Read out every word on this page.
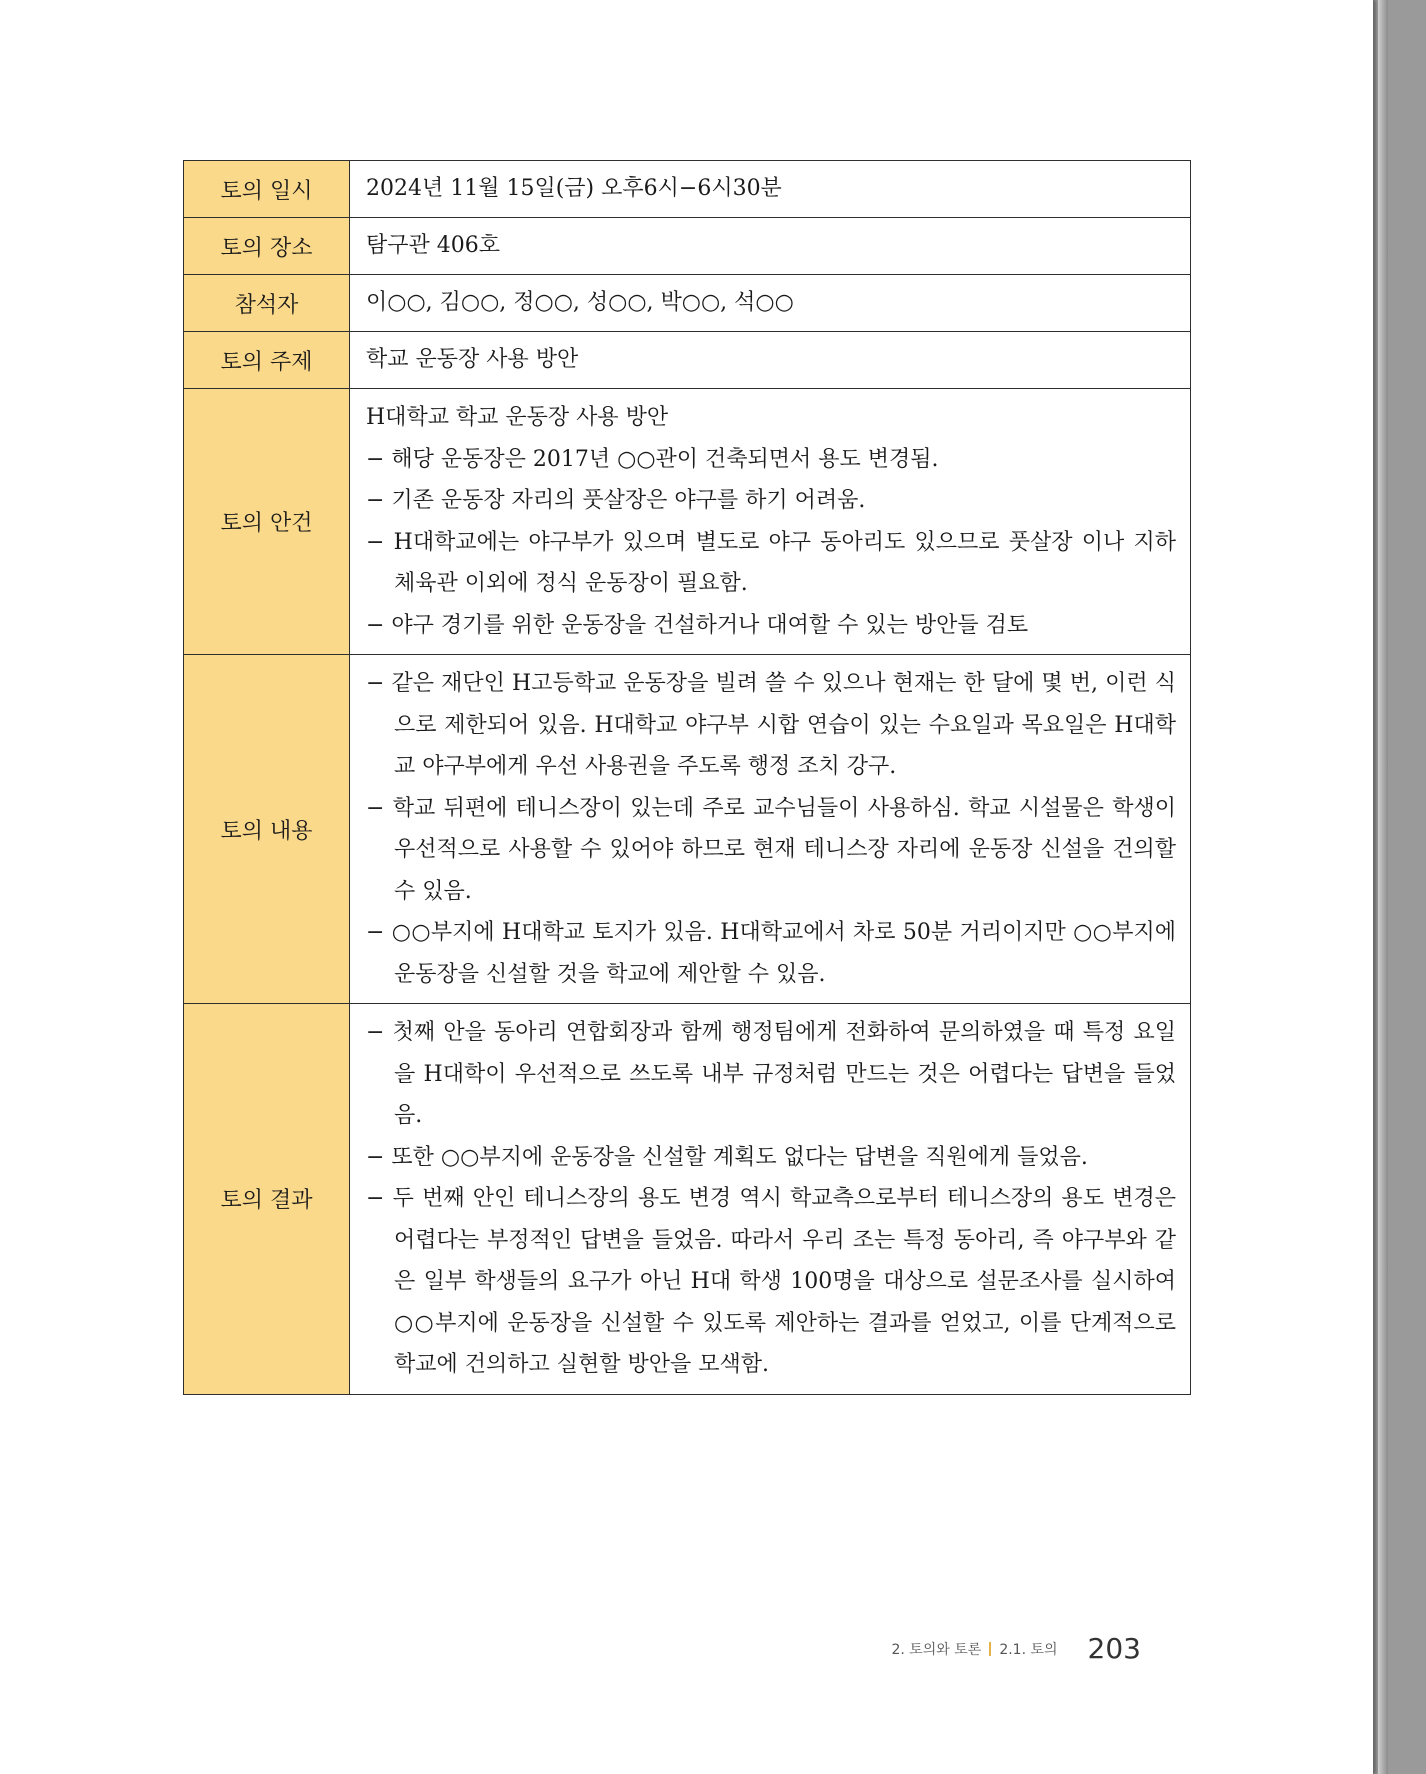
토의 일시	2024년 11월 15일(금) 오후6시−6시30분

토의 장소	탐구관 406호

참석자	이○○, 김○○, 정○○, 성○○, 박○○, 석○○

토의 주제	학교 운동장 사용 방안

토의 안건	H대학교 학교 운동장 사용 방안
− 해당 운동장은 2017년 ○○관이 건축되면서 용도 변경됨.
− 기존 운동장 자리의 풋살장은 야구를 하기 어려움.
− H대학교에는 야구부가 있으며 별도로 야구 동아리도 있으므로 풋살장 이나 지하 체육관 이외에 정식 운동장이 필요함.
− 야구 경기를 위한 운동장을 건설하거나 대여할 수 있는 방안들 검토

토의 내용	− 같은 재단인 H고등학교 운동장을 빌려 쓸 수 있으나 현재는 한 달에 몇 번, 이런 식으로 제한되어 있음. H대학교 야구부 시합 연습이 있는 수요일과 목요일은 H대학교 야구부에게 우선 사용권을 주도록 행정 조치 강구.
− 학교 뒤편에 테니스장이 있는데 주로 교수님들이 사용하심. 학교 시설물은 학생이 우선적으로 사용할 수 있어야 하므로 현재 테니스장 자리에 운동장 신설을 건의할 수 있음.
− ○○부지에 H대학교 토지가 있음. H대학교에서 차로 50분 거리이지만 ○○부지에 운동장을 신설할 것을 학교에 제안할 수 있음.

토의 결과	− 첫째 안을 동아리 연합회장과 함께 행정팀에게 전화하여 문의하였을 때 특정 요일을 H대학이 우선적으로 쓰도록 내부 규정처럼 만드는 것은 어렵다는 답변을 들었음.
− 또한 ○○부지에 운동장을 신설할 계획도 없다는 답변을 직원에게 들었음.
− 두 번째 안인 테니스장의 용도 변경 역시 학교측으로부터 테니스장의 용도 변경은 어렵다는 부정적인 답변을 들었음. 따라서 우리 조는 특정 동아리, 즉 야구부와 같은 일부 학생들의 요구가 아닌 H대 학생 100명을 대상으로 설문조사를 실시하여 ○○부지에 운동장을 신설할 수 있도록 제안하는 결과를 얻었고, 이를 단계적으로 학교에 건의하고 실현할 방안을 모색함.
2. 토의와 토론 2.1. 토의 203
